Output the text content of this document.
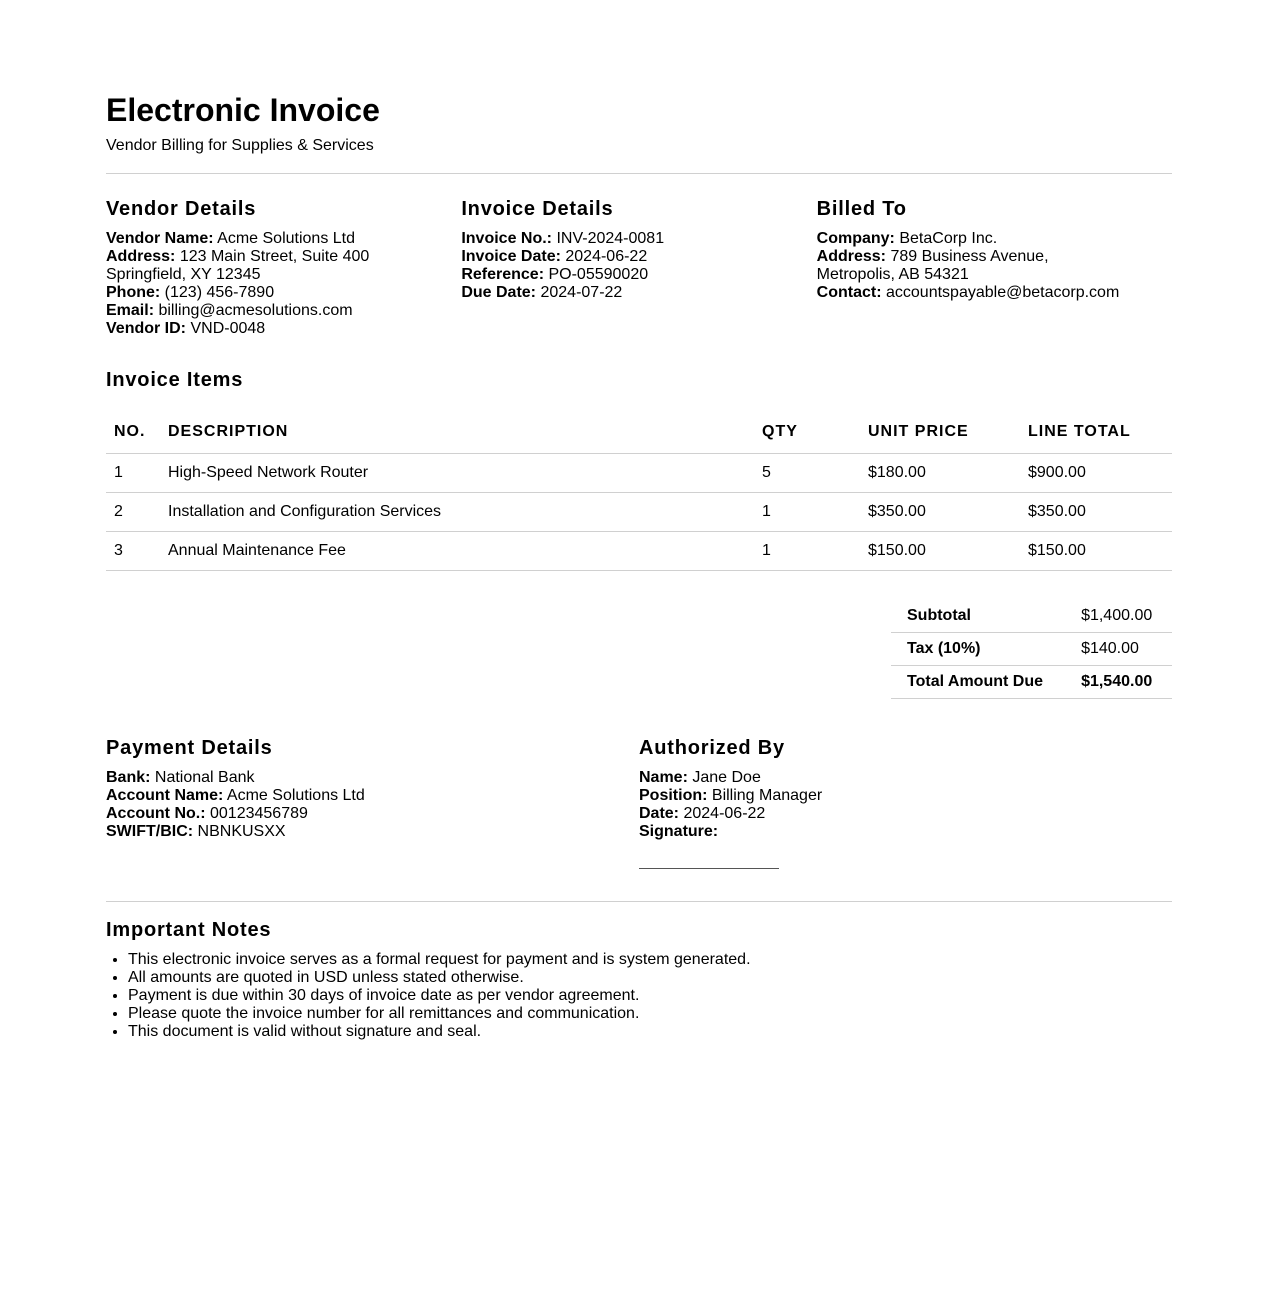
Electronic Invoice
Vendor Billing for Supplies & Services
Vendor Details
Vendor Name: Acme Solutions Ltd
Address: 123 Main Street, Suite 400
Springfield, XY 12345
Phone: (123) 456-7890
Email: billing@acmesolutions.com
Vendor ID: VND-0048
Invoice Details
Invoice No.: INV-2024-0081
Invoice Date: 2024-06-22
Reference: PO-05590020
Due Date: 2024-07-22
Billed To
Company: BetaCorp Inc.
Address: 789 Business Avenue,
Metropolis, AB 54321
Contact: accountspayable@betacorp.com
Invoice Items
NO.	DESCRIPTION	QTY	UNIT PRICE	LINE TOTAL
1	High-Speed Network Router	5	$180.00	$900.00
2	Installation and Configuration Services	1	$350.00	$350.00
3	Annual Maintenance Fee	1	$150.00	$150.00
Subtotal	$1,400.00
Tax (10%)	$140.00
Total Amount Due	$1,540.00
Payment Details
Bank: National Bank
Account Name: Acme Solutions Ltd
Account No.: 00123456789
SWIFT/BIC: NBNKUSXX
Authorized By
Name: Jane Doe
Position: Billing Manager
Date: 2024-06-22
Signature:
Important Notes
• This electronic invoice serves as a formal request for payment and is system generated.
• All amounts are quoted in USD unless stated otherwise.
• Payment is due within 30 days of invoice date as per vendor agreement.
• Please quote the invoice number for all remittances and communication.
• This document is valid without signature and seal.
